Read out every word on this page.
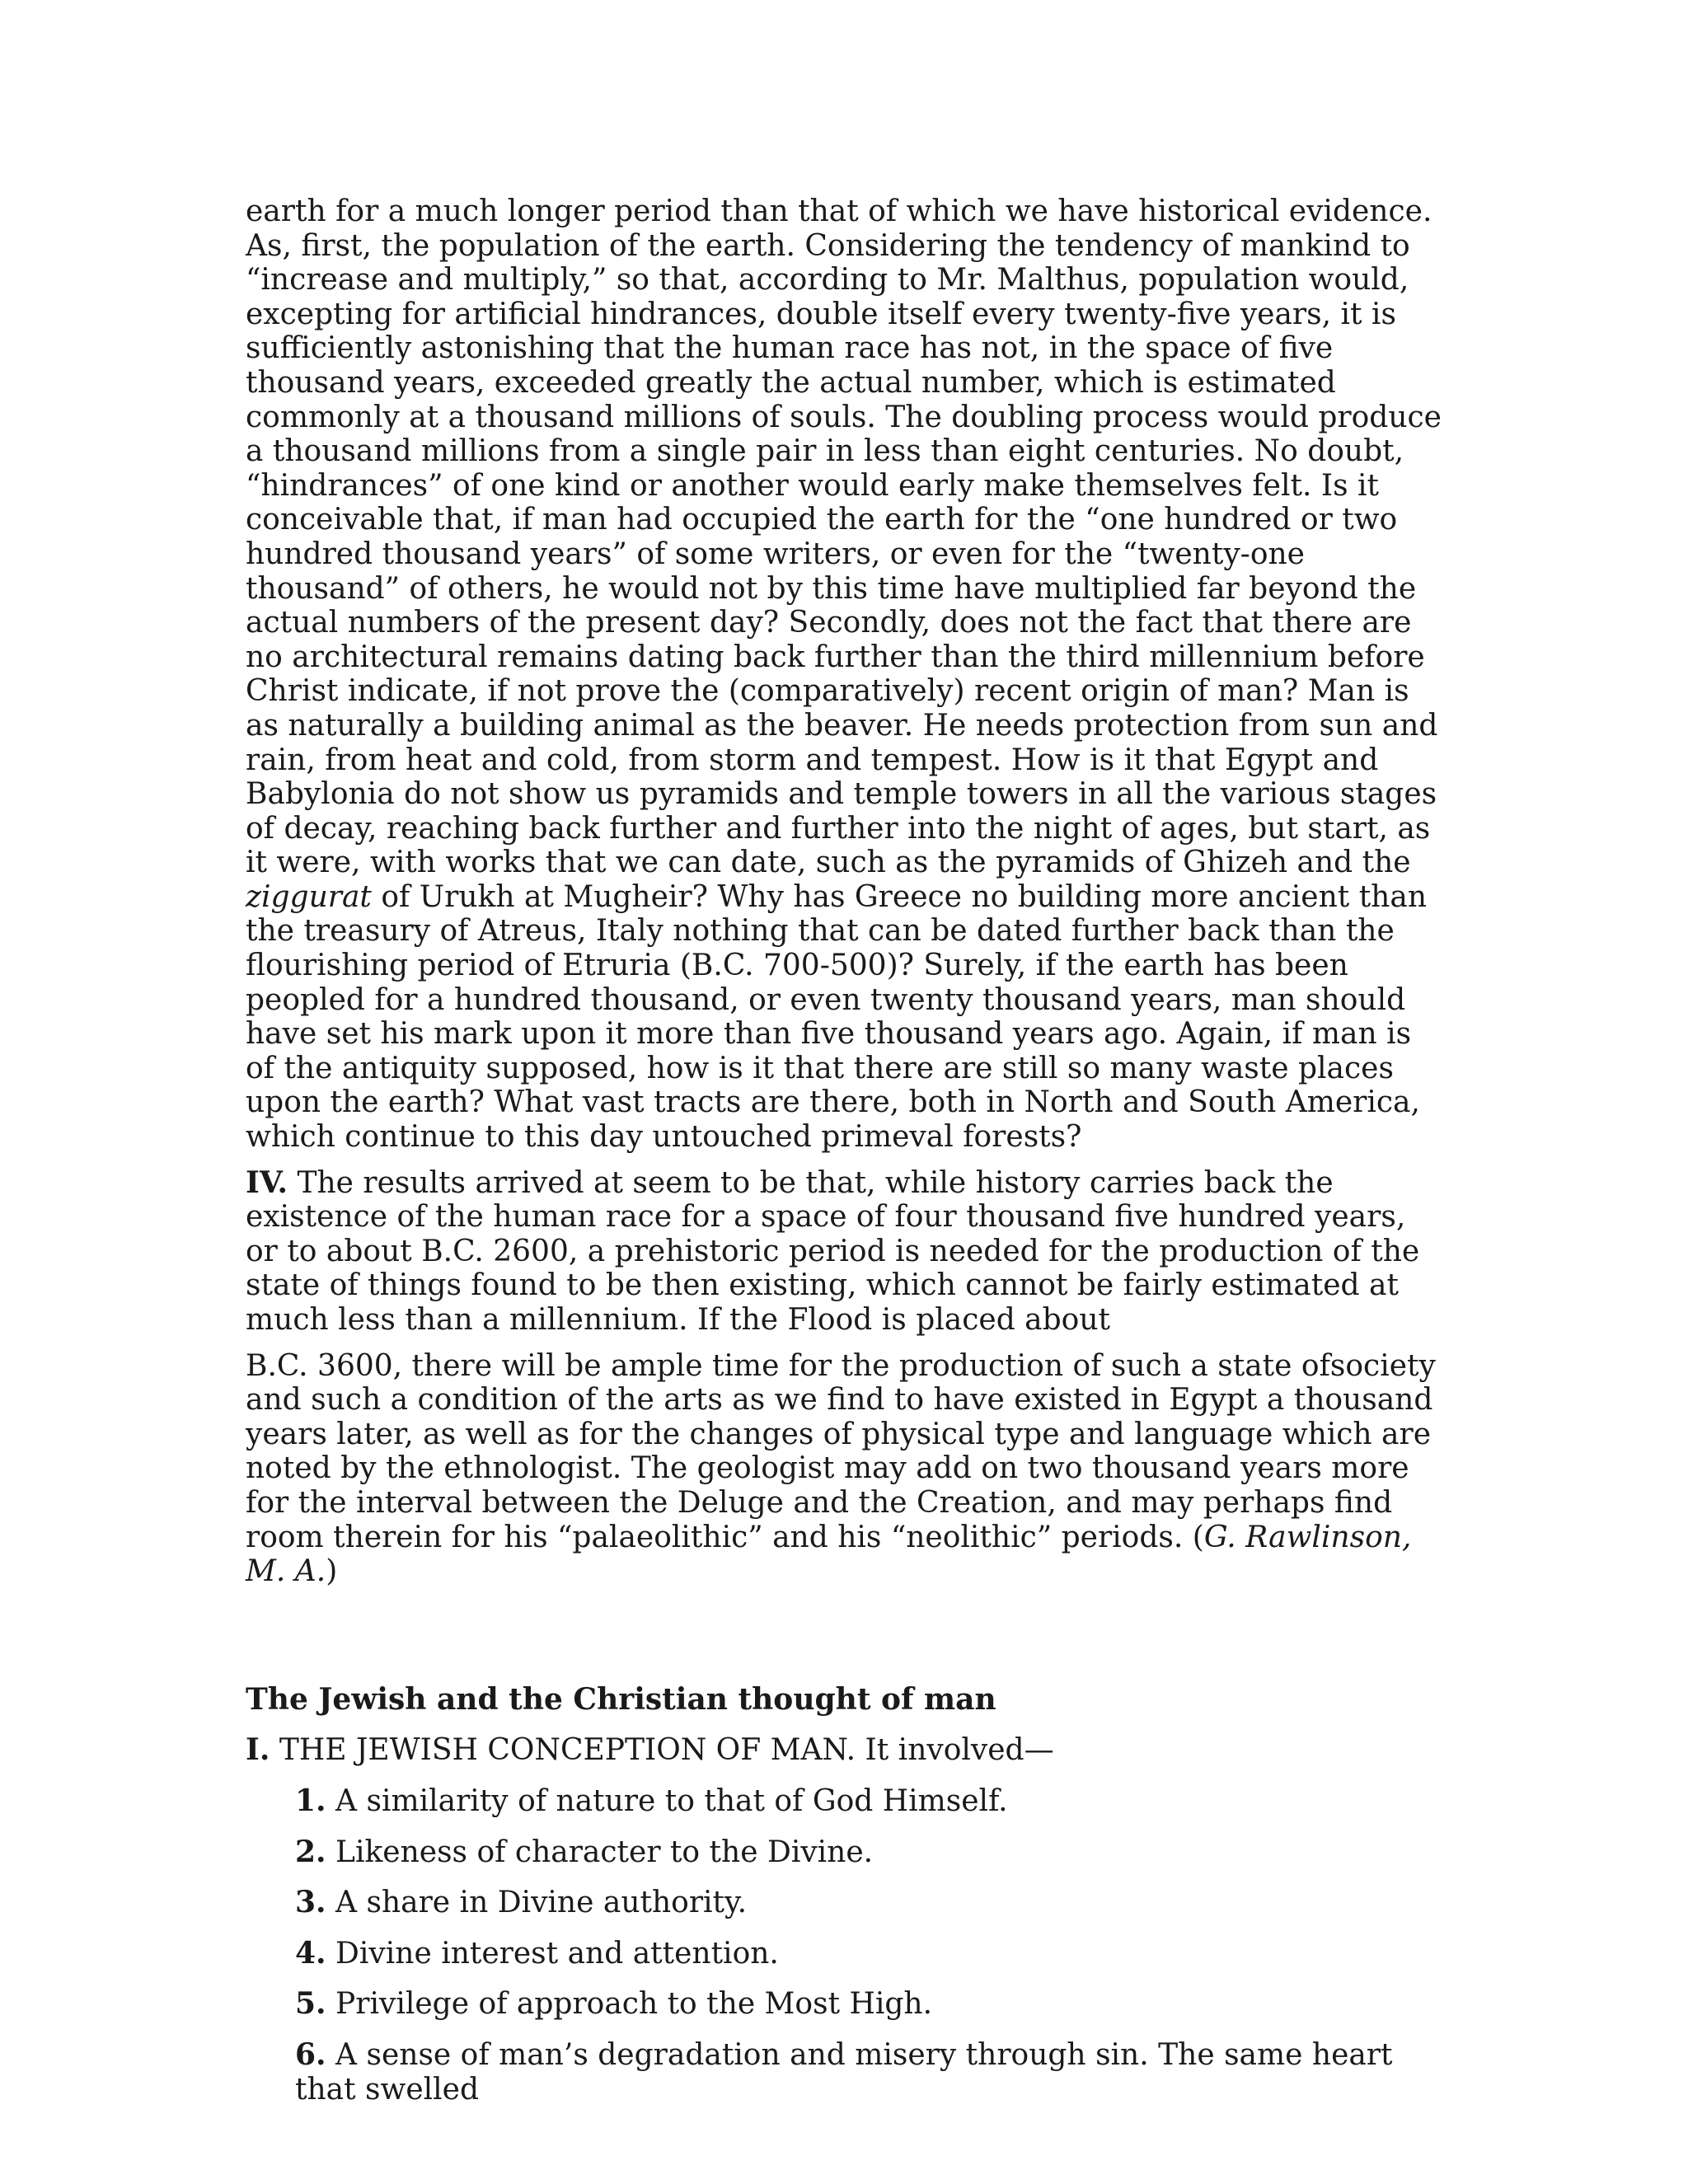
earth for a much longer period than that of which we have historical evidence. As, first, the population of the earth. Considering the tendency of mankind to “increase and multiply,” so that, according to Mr. Malthus, population would, excepting for artificial hindrances, double itself every twenty-five years, it is sufficiently astonishing that the human race has not, in the space of five thousand years, exceeded greatly the actual number, which is estimated commonly at a thousand millions of souls. The doubling process would produce a thousand millions from a single pair in less than eight centuries. No doubt, “hindrances” of one kind or another would early make themselves felt. Is it conceivable that, if man had occupied the earth for the “one hundred or two hundred thousand years” of some writers, or even for the “twenty-one thousand” of others, he would not by this time have multiplied far beyond the actual numbers of the present day? Secondly, does not the fact that there are no architectural remains dating back further than the third millennium before Christ indicate, if not prove the (comparatively) recent origin of man? Man is as naturally a building animal as the beaver. He needs protection from sun and rain, from heat and cold, from storm and tempest. How is it that Egypt and Babylonia do not show us pyramids and temple towers in all the various stages of decay, reaching back further and further into the night of ages, but start, as it were, with works that we can date, such as the pyramids of Ghizeh and the ziggurat of Urukh at Mugheir? Why has Greece no building more ancient than the treasury of Atreus, Italy nothing that can be dated further back than the flourishing period of Etruria (B.C. 700-500)? Surely, if the earth has been peopled for a hundred thousand, or even twenty thousand years, man should have set his mark upon it more than five thousand years ago. Again, if man is of the antiquity supposed, how is it that there are still so many waste places upon the earth? What vast tracts are there, both in North and South America, which continue to this day untouched primeval forests?

IV. The results arrived at seem to be that, while history carries back the existence of the human race for a space of four thousand five hundred years, or to about B.C. 2600, a prehistoric period is needed for the production of the state of things found to be then existing, which cannot be fairly estimated at much less than a millennium. If the Flood is placed about

B.C. 3600, there will be ample time for the production of such a state ofsociety and such a condition of the arts as we find to have existed in Egypt a thousand years later, as well as for the changes of physical type and language which are noted by the ethnologist. The geologist may add on two thousand years more for the interval between the Deluge and the Creation, and may perhaps find room therein for his “palaeolithic” and his “neolithic” periods. (G. Rawlinson, M. A.)

The Jewish and the Christian thought of man
I. THE JEWISH CONCEPTION OF MAN. It involved—
1. A similarity of nature to that of God Himself.
2. Likeness of character to the Divine.
3. A share in Divine authority.
4. Divine interest and attention.
5. Privilege of approach to the Most High.
6. A sense of man’s degradation and misery through sin. The same heart that swelled
